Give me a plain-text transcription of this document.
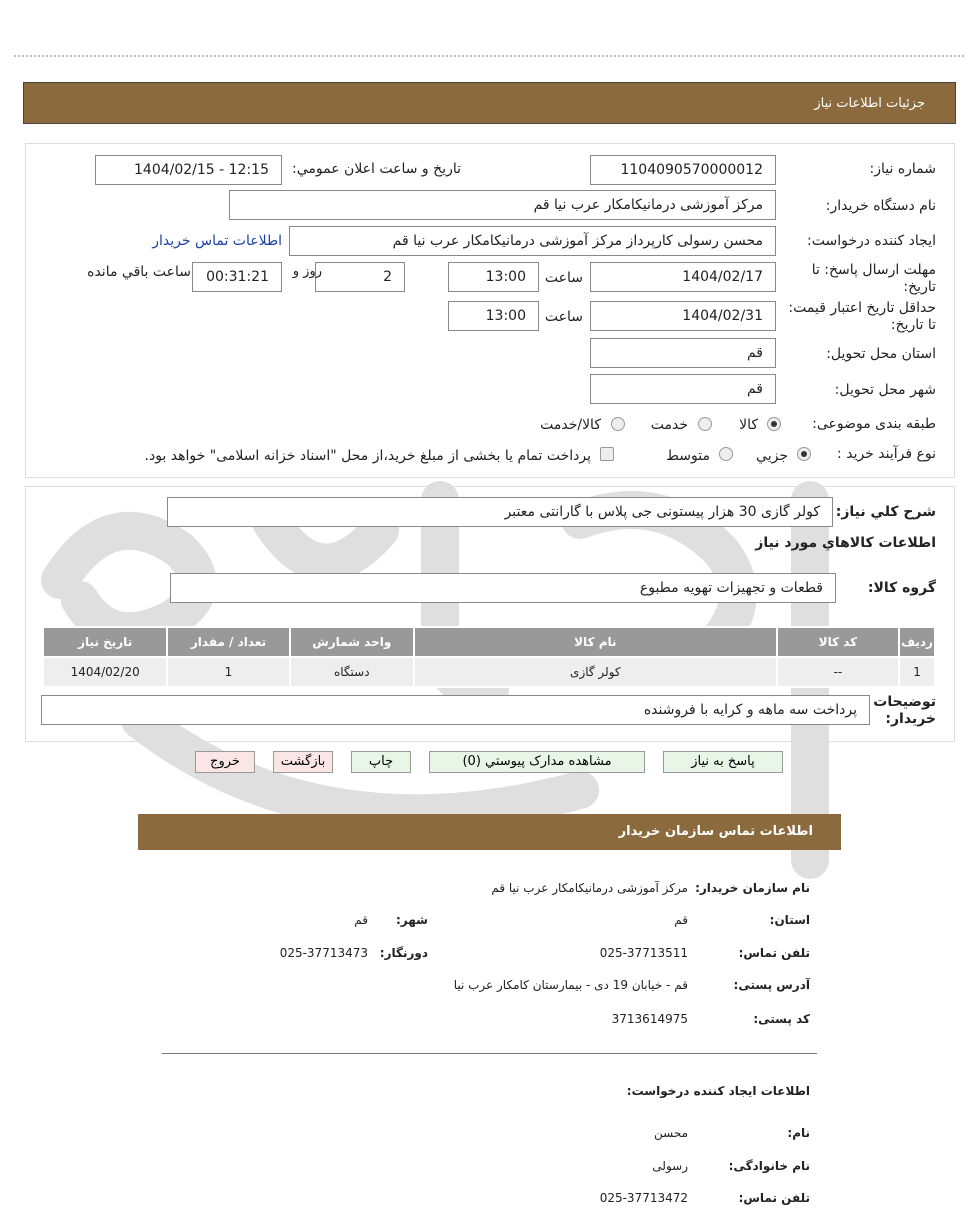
جزئيات اطلاعات نياز
شماره نياز:
1104090570000012
تاريخ و ساعت اعلان عمومي:
1404/02/15 - 12:15
نام دستگاه خريدار:
مرکز آموزشی درمانیکامکار عرب نیا قم
ايجاد کننده درخواست:
محسن رسولی کارپرداز مرکز آموزشی درمانیکامکار عرب نیا قم
اطلاعات تماس خريدار
مهلت ارسال پاسخ: تا تاريخ:
1404/02/17
ساعت
13:00
2
روز و
00:31:21
ساعت باقي مانده
حداقل تاريخ اعتبار قيمت: تا تاريخ:
1404/02/31
ساعت
13:00
استان محل تحويل:
قم
شهر محل تحويل:
قم
طبقه بندی موضوعی:
کالا
خدمت
کالا/خدمت
نوع فرآيند خريد :
جزيي
متوسط
پرداخت تمام يا بخشی از مبلغ خريد،از محل "اسناد خزانه اسلامی" خواهد بود.
شرح کلي نياز:
کولر گازی 30 هزار پیستونی جی پلاس با گارانتی معتبر
اطلاعات کالاهاي مورد نياز
گروه کالا:
قطعات و تجهیزات تهویه مطبوع
رديف	کد کالا	نام کالا	واحد شمارش	تعداد / مقدار	تاريخ نياز
1	--	کولر گازی	دستگاه	1	1404/02/20
توضيحات خريدار:
پرداخت سه ماهه و کرایه با فروشنده
پاسخ به نياز
مشاهده مدارک پيوستي (0)
چاپ
بازگشت
خروج
اطلاعات تماس سازمان خريدار
نام سازمان خريدار:
مرکز آموزشی درمانیکامکار عرب نیا قم
استان:
قم
شهر:
قم
تلفن تماس:
025-37713511
دورنگار:
025-37713473
آدرس پستی:
قم - خیابان 19 دی - بیمارستان کامکار عرب نیا
کد پستی:
3713614975
اطلاعات ایجاد کننده درخواست:
نام:
محسن
نام خانوادگی:
رسولی
تلفن تماس:
025-37713472
